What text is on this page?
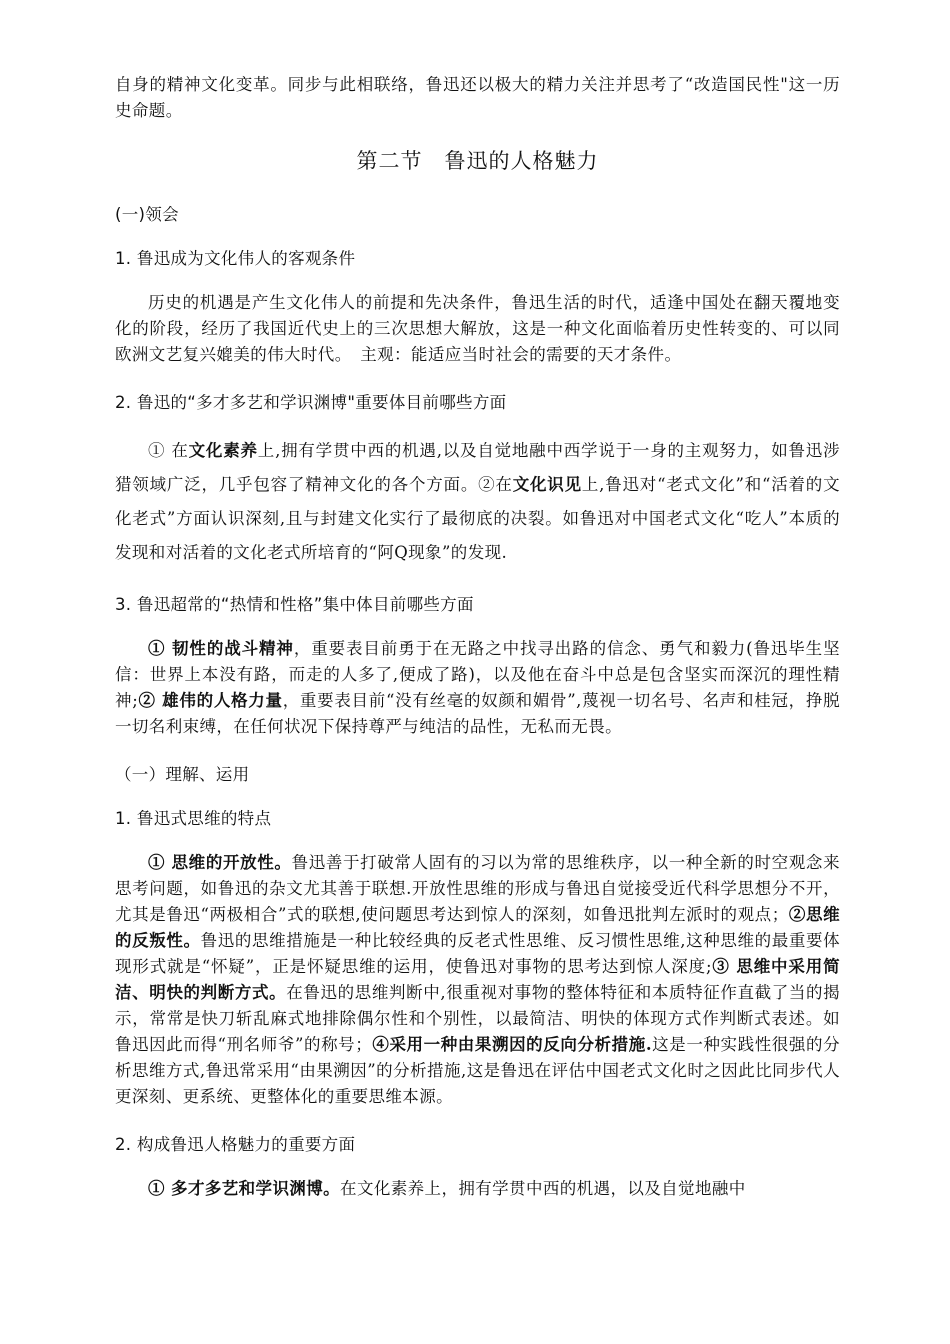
自身的精神文化变革。同步与此相联络，鲁迅还以极大的精力关注并思考了“改造国民性"这一历史命题。

第二节　鲁迅的人格魅力
(一)领会
1. 鲁迅成为文化伟人的客观条件

历史的机遇是产生文化伟人的前提和先决条件，鲁迅生活的时代，适逢中国处在翻天覆地变化的阶段，经历了我国近代史上的三次思想大解放，这是一种文化面临着历史性转变的、可以同欧洲文艺复兴媲美的伟大时代。　主观：能适应当时社会的需要的天才条件。

2. 鲁迅的“多才多艺和学识渊博"重要体目前哪些方面

① 在文化素养上,拥有学贯中西的机遇,以及自觉地融中西学说于一身的主观努力，如鲁迅涉猎领域广泛，几乎包容了精神文化的各个方面。②在文化识见上,鲁迅对“老式文化”和“活着的文化老式”方面认识深刻,且与封建文化实行了最彻底的决裂。如鲁迅对中国老式文化“吃人”本质的发现和对活着的文化老式所培育的“阿Q现象”的发现.

3. 鲁迅超常的“热情和性格”集中体目前哪些方面

① 韧性的战斗精神，重要表目前勇于在无路之中找寻出路的信念、勇气和毅力(鲁迅毕生坚信：世界上本没有路，而走的人多了,便成了路)，以及他在奋斗中总是包含坚实而深沉的理性精神;② 雄伟的人格力量，重要表目前“没有丝毫的奴颜和媚骨”,蔑视一切名号、名声和桂冠，挣脱一切名利束缚，在任何状况下保持尊严与纯洁的品性，无私而无畏。

（一）理解、运用
1. 鲁迅式思维的特点

① 思维的开放性。鲁迅善于打破常人固有的习以为常的思维秩序，以一种全新的时空观念来思考问题，如鲁迅的杂文尤其善于联想.开放性思维的形成与鲁迅自觉接受近代科学思想分不开，尤其是鲁迅“两极相合”式的联想,使问题思考达到惊人的深刻，如鲁迅批判左派时的观点；②思维的反叛性。鲁迅的思维措施是一种比较经典的反老式性思维、反习惯性思维,这种思维的最重要体现形式就是“怀疑”，正是怀疑思维的运用，使鲁迅对事物的思考达到惊人深度;③ 思维中采用简洁、明快的判断方式。在鲁迅的思维判断中,很重视对事物的整体特征和本质特征作直截了当的揭示，常常是快刀斩乱麻式地排除偶尔性和个别性，以最简洁、明快的体现方式作判断式表述。如鲁迅因此而得“刑名师爷”的称号；④采用一种由果溯因的反向分析措施.这是一种实践性很强的分析思维方式,鲁迅常采用“由果溯因”的分析措施,这是鲁迅在评估中国老式文化时之因此比同步代人更深刻、更系统、更整体化的重要思维本源。

2. 构成鲁迅人格魅力的重要方面

① 多才多艺和学识渊博。在文化素养上，拥有学贯中西的机遇，以及自觉地融中
